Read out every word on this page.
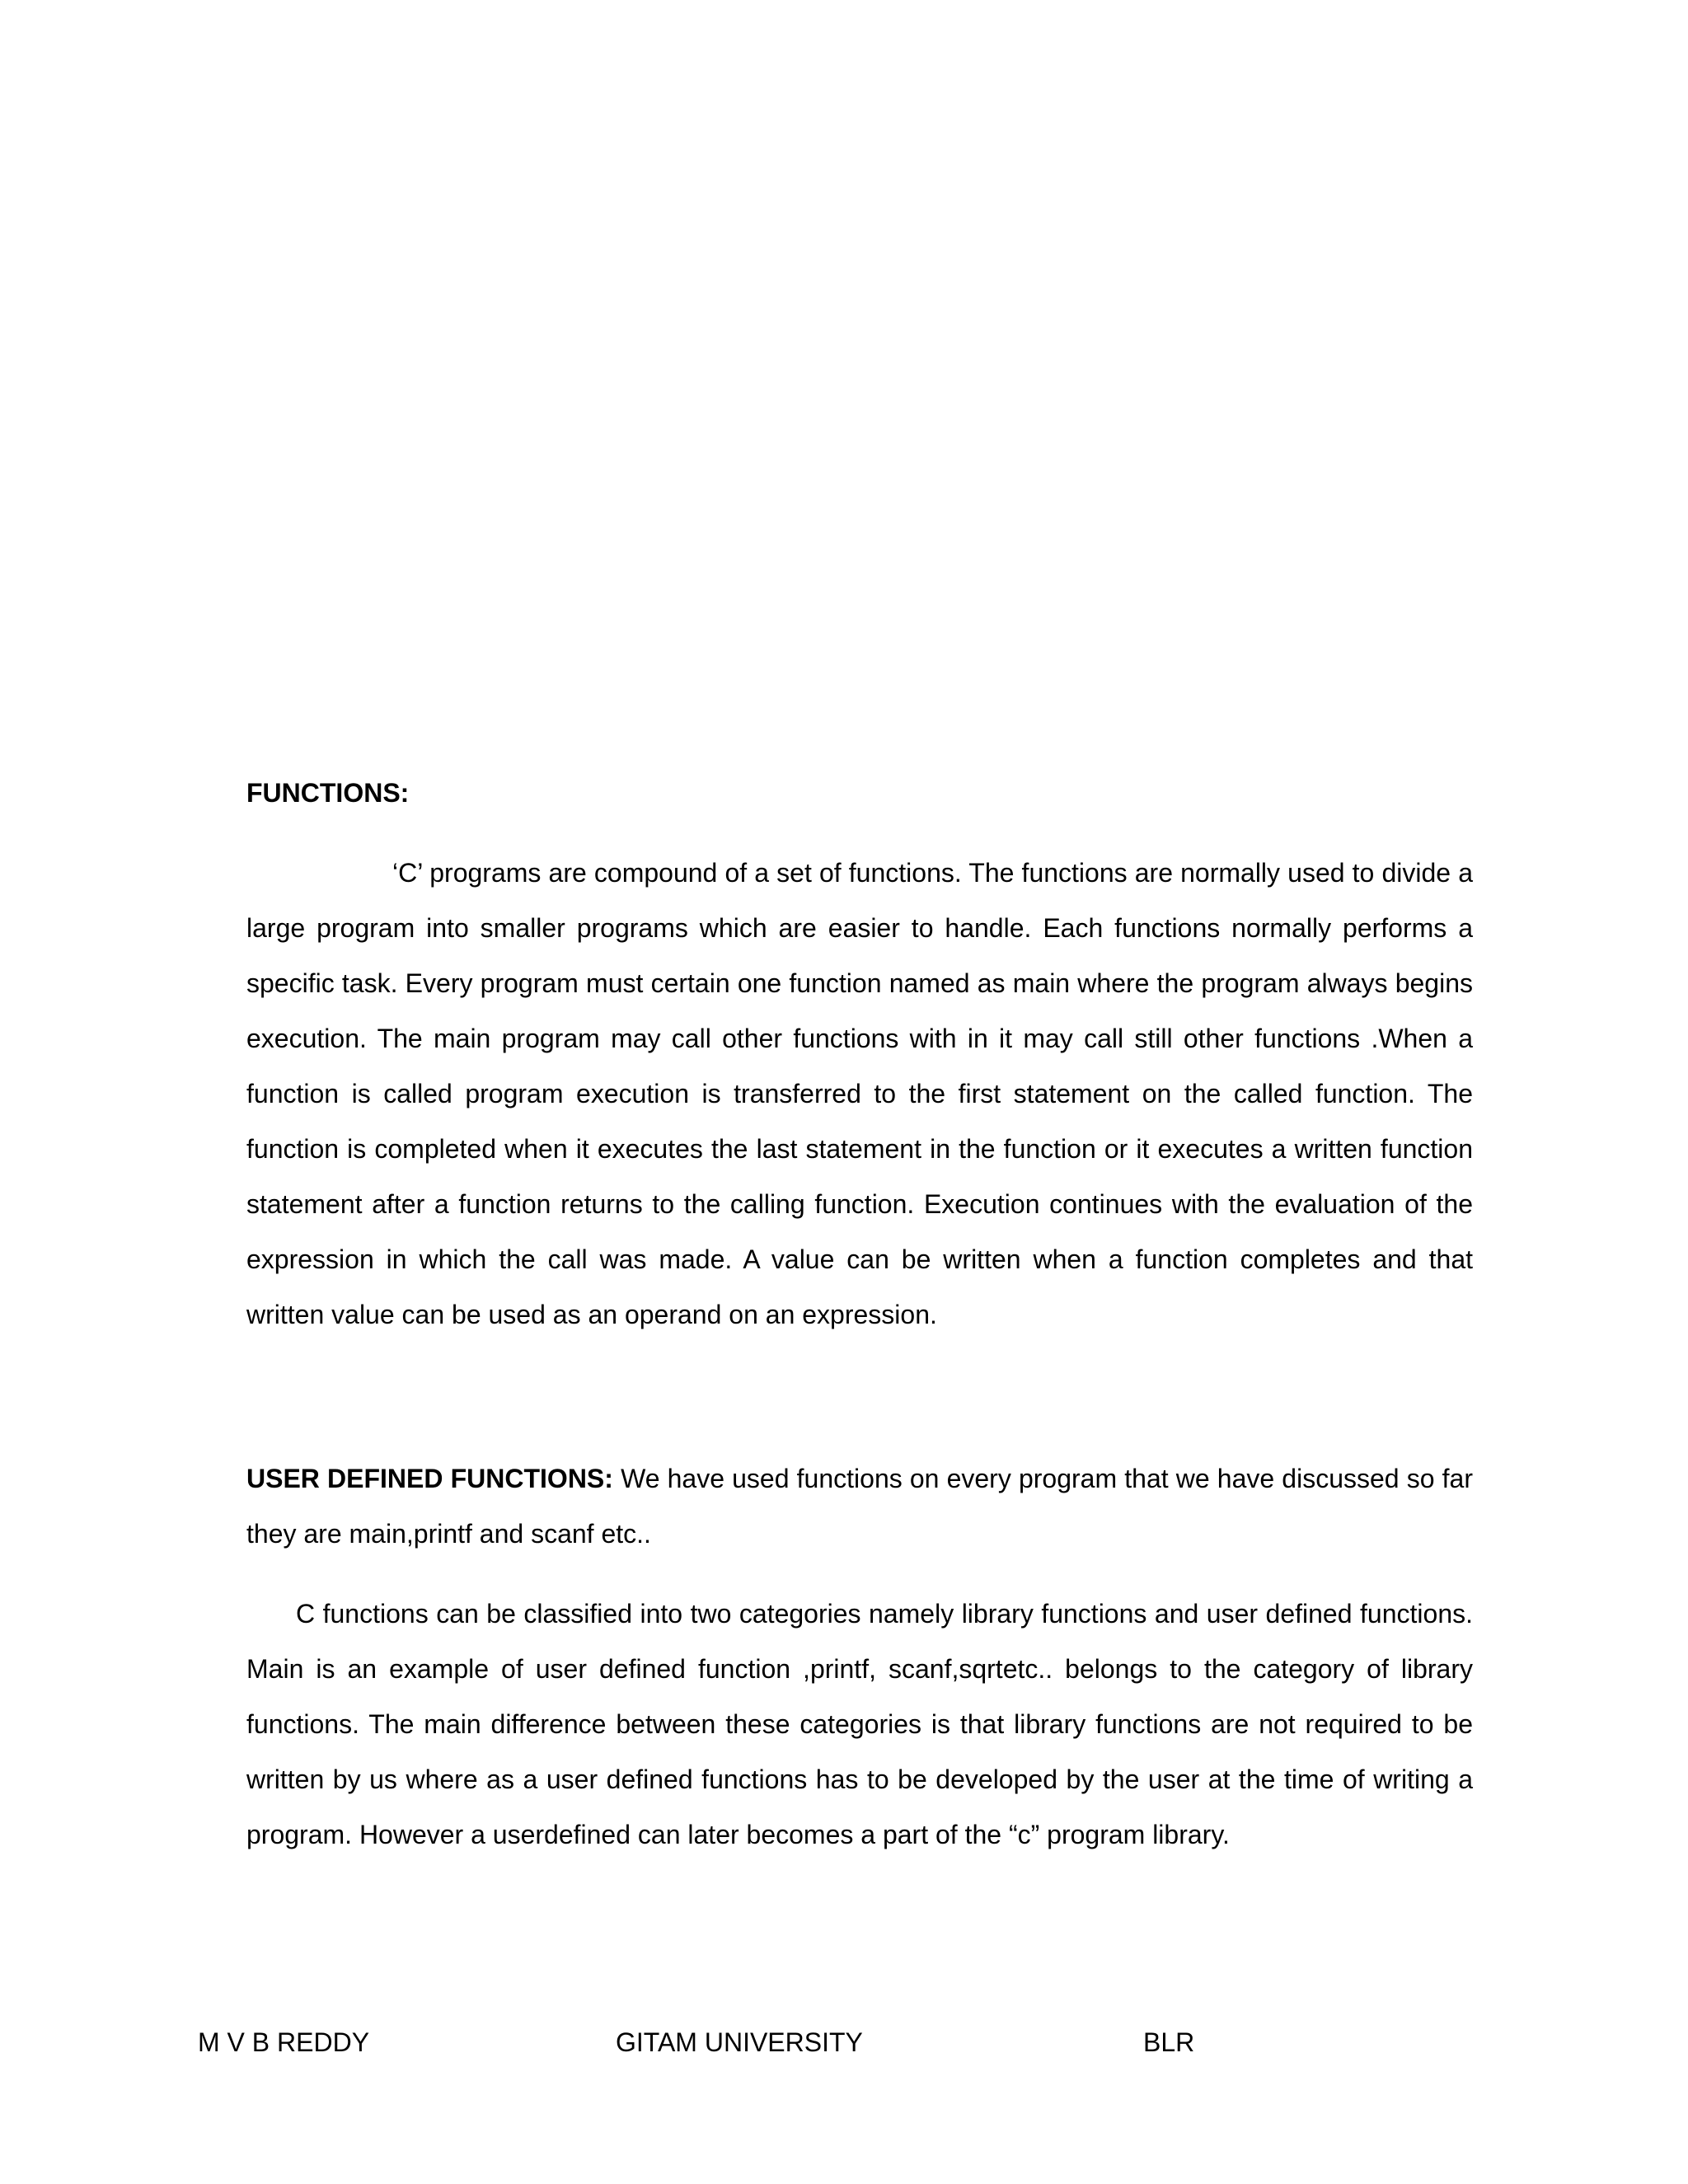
FUNCTIONS:

‘C’ programs are compound of a set of functions. The functions are normally used to divide a large program into smaller programs which are easier to handle. Each functions normally performs a specific task. Every program must certain one function named as main where the program always begins execution. The main program may call other functions with in it may call still other functions .When a function is called program execution is transferred to the first statement on the called function. The function is completed when it executes the last statement in the function or it executes a written function statement after a function returns to the calling function. Execution continues with the evaluation of the expression in which the call was made. A value can be written when a function completes and that written value can be used as an operand on an expression.

USER DEFINED FUNCTIONS: We have used functions on every program that we have discussed so far they are main,printf and scanf etc..

C functions can be classified into two categories namely library functions and user defined functions. Main is an example of user defined function ,printf, scanf,sqrtetc.. belongs to the category of library functions. The main difference between these categories is that library functions are not required to be written by us where as a user defined functions has to be developed by the user at the time of writing a program. However a userdefined can later becomes a part of the “c” program library.

M V B REDDY	GITAM UNIVERSITY	BLR
